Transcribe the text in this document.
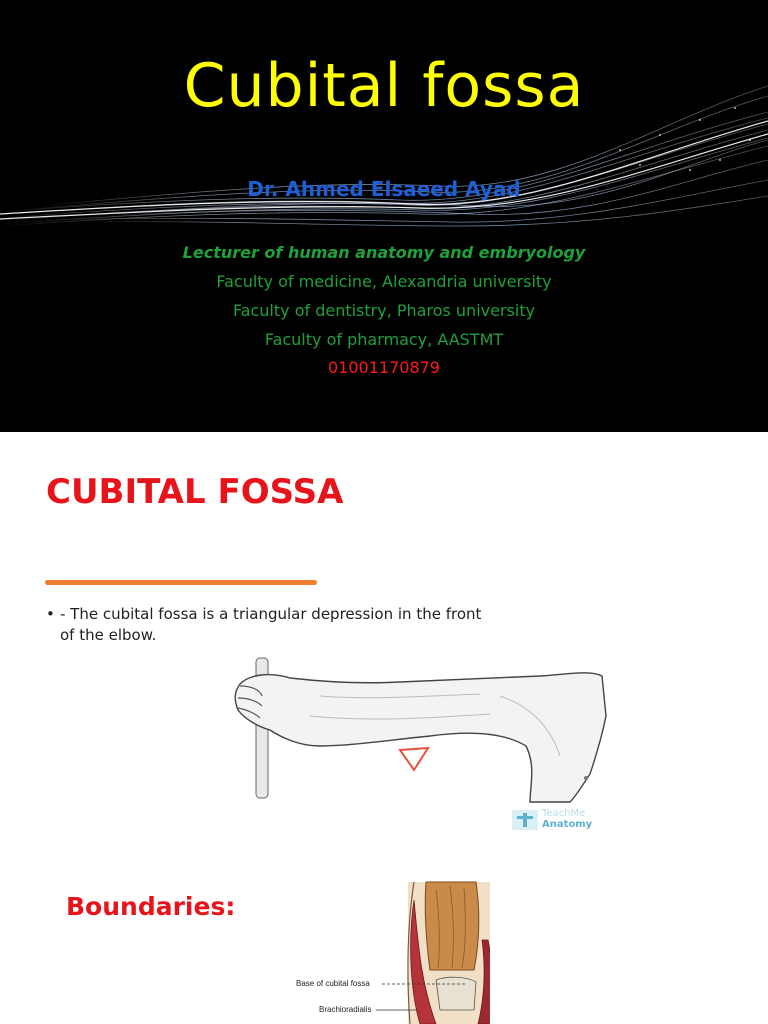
Cubital fossa
Dr. Ahmed Elsaeed Ayad
Lecturer of human anatomy and embryology
Faculty of medicine, Alexandria university
Faculty of dentistry, Pharos university
Faculty of pharmacy, AASTMT
01001170879
CUBITAL FOSSA
• - The cubital fossa is a triangular depression in the front of the elbow.
TeachMe
Anatomy
Boundaries:
Base of cubital fossa
Brachioradialis
